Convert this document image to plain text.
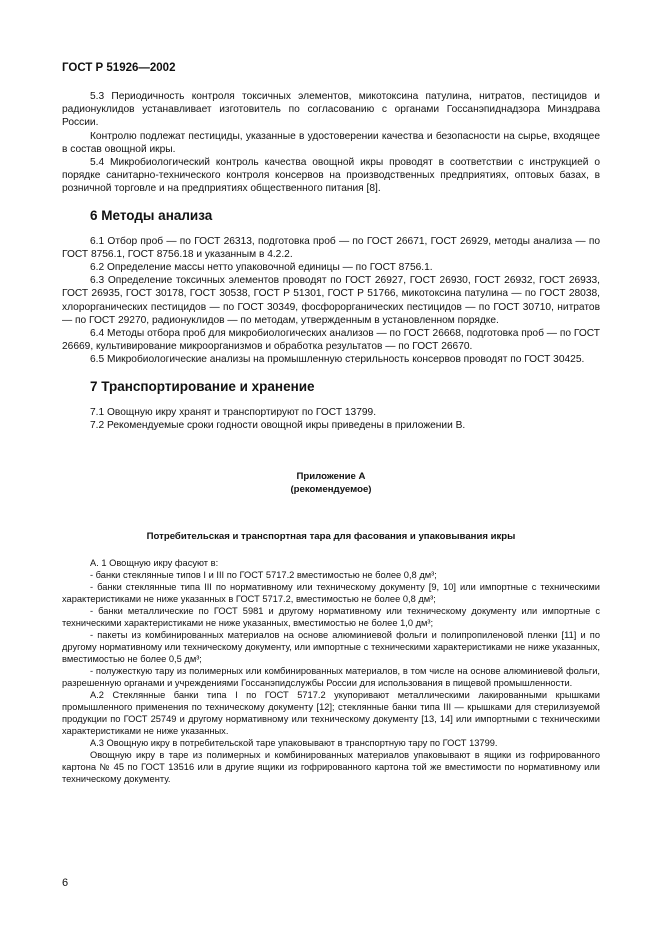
ГОСТ Р 51926—2002

5.3 Периодичность контроля токсичных элементов, микотоксина патулина, нитратов, пестицидов и радионуклидов устанавливает изготовитель по согласованию с органами Госсанэпиднадзора Минздрава России.

Контролю подлежат пестициды, указанные в удостоверении качества и безопасности на сырье, входящее в состав овощной икры.

5.4 Микробиологический контроль качества овощной икры проводят в соответствии с инструкцией о порядке санитарно-технического контроля консервов на производственных предприятиях, оптовых базах, в розничной торговле и на предприятиях общественного питания [8].

6 Методы анализа

6.1 Отбор проб — по ГОСТ 26313, подготовка проб — по ГОСТ 26671, ГОСТ 26929, методы анализа — по ГОСТ 8756.1, ГОСТ 8756.18 и указанным в 4.2.2.

6.2 Определение массы нетто упаковочной единицы — по ГОСТ 8756.1.

6.3 Определение токсичных элементов проводят по ГОСТ 26927, ГОСТ 26930, ГОСТ 26932, ГОСТ 26933, ГОСТ 26935, ГОСТ 30178, ГОСТ 30538, ГОСТ Р 51301, ГОСТ Р 51766, микотоксина патулина — по ГОСТ 28038, хлорорганических пестицидов — по ГОСТ 30349, фосфорорганических пестицидов — по ГОСТ 30710, нитратов — по ГОСТ 29270, радионуклидов — по методам, утвержденным в установленном порядке.

6.4 Методы отбора проб для микробиологических анализов — по ГОСТ 26668, подготовка проб — по ГОСТ 26669, культивирование микроорганизмов и обработка результатов — по ГОСТ 26670.

6.5 Микробиологические анализы на промышленную стерильность консервов проводят по ГОСТ 30425.

7 Транспортирование и хранение

7.1 Овощную икру хранят и транспортируют по ГОСТ 13799.

7.2 Рекомендуемые сроки годности овощной икры приведены в приложении В.

Приложение А
(рекомендуемое)
Потребительская и транспортная тара для фасования и упаковывания икры

А. 1 Овощную икру фасуют в:

- банки стеклянные типов I и III по ГОСТ 5717.2 вместимостью не более 0,8 дм³;

- банки стеклянные типа III по нормативному или техническому документу [9, 10] или импортные с техническими характеристиками не ниже указанных в ГОСТ 5717.2, вместимостью не более 0,8 дм³;

- банки металлические по ГОСТ 5981 и другому нормативному или техническому документу или импортные с техническими характеристиками не ниже указанных, вместимостью не более 1,0 дм³;

- пакеты из комбинированных материалов на основе алюминиевой фольги и полипропиленовой пленки [11] и по другому нормативному или техническому документу, или импортные с техническими характеристиками не ниже указанных, вместимостью не более 0,5 дм³;

- полужесткую тару из полимерных или комбинированных материалов, в том числе на основе алюминиевой фольги, разрешенную органами и учреждениями Госсанэпидслужбы России для использования в пищевой промышленности.

А.2 Стеклянные банки типа I по ГОСТ 5717.2 укупоривают металлическими лакированными крышками промышленного применения по техническому документу [12]; стеклянные банки типа III — крышками для стерилизуемой продукции по ГОСТ 25749 и другому нормативному или техническому документу [13, 14] или импортными с техническими характеристиками не ниже указанных.

А.3 Овощную икру в потребительской таре упаковывают в транспортную тару по ГОСТ 13799.

Овощную икру в таре из полимерных и комбинированных материалов упаковывают в ящики из гофрированного картона № 45 по ГОСТ 13516 или в другие ящики из гофрированного картона той же вместимости по нормативному или техническому документу.

6
